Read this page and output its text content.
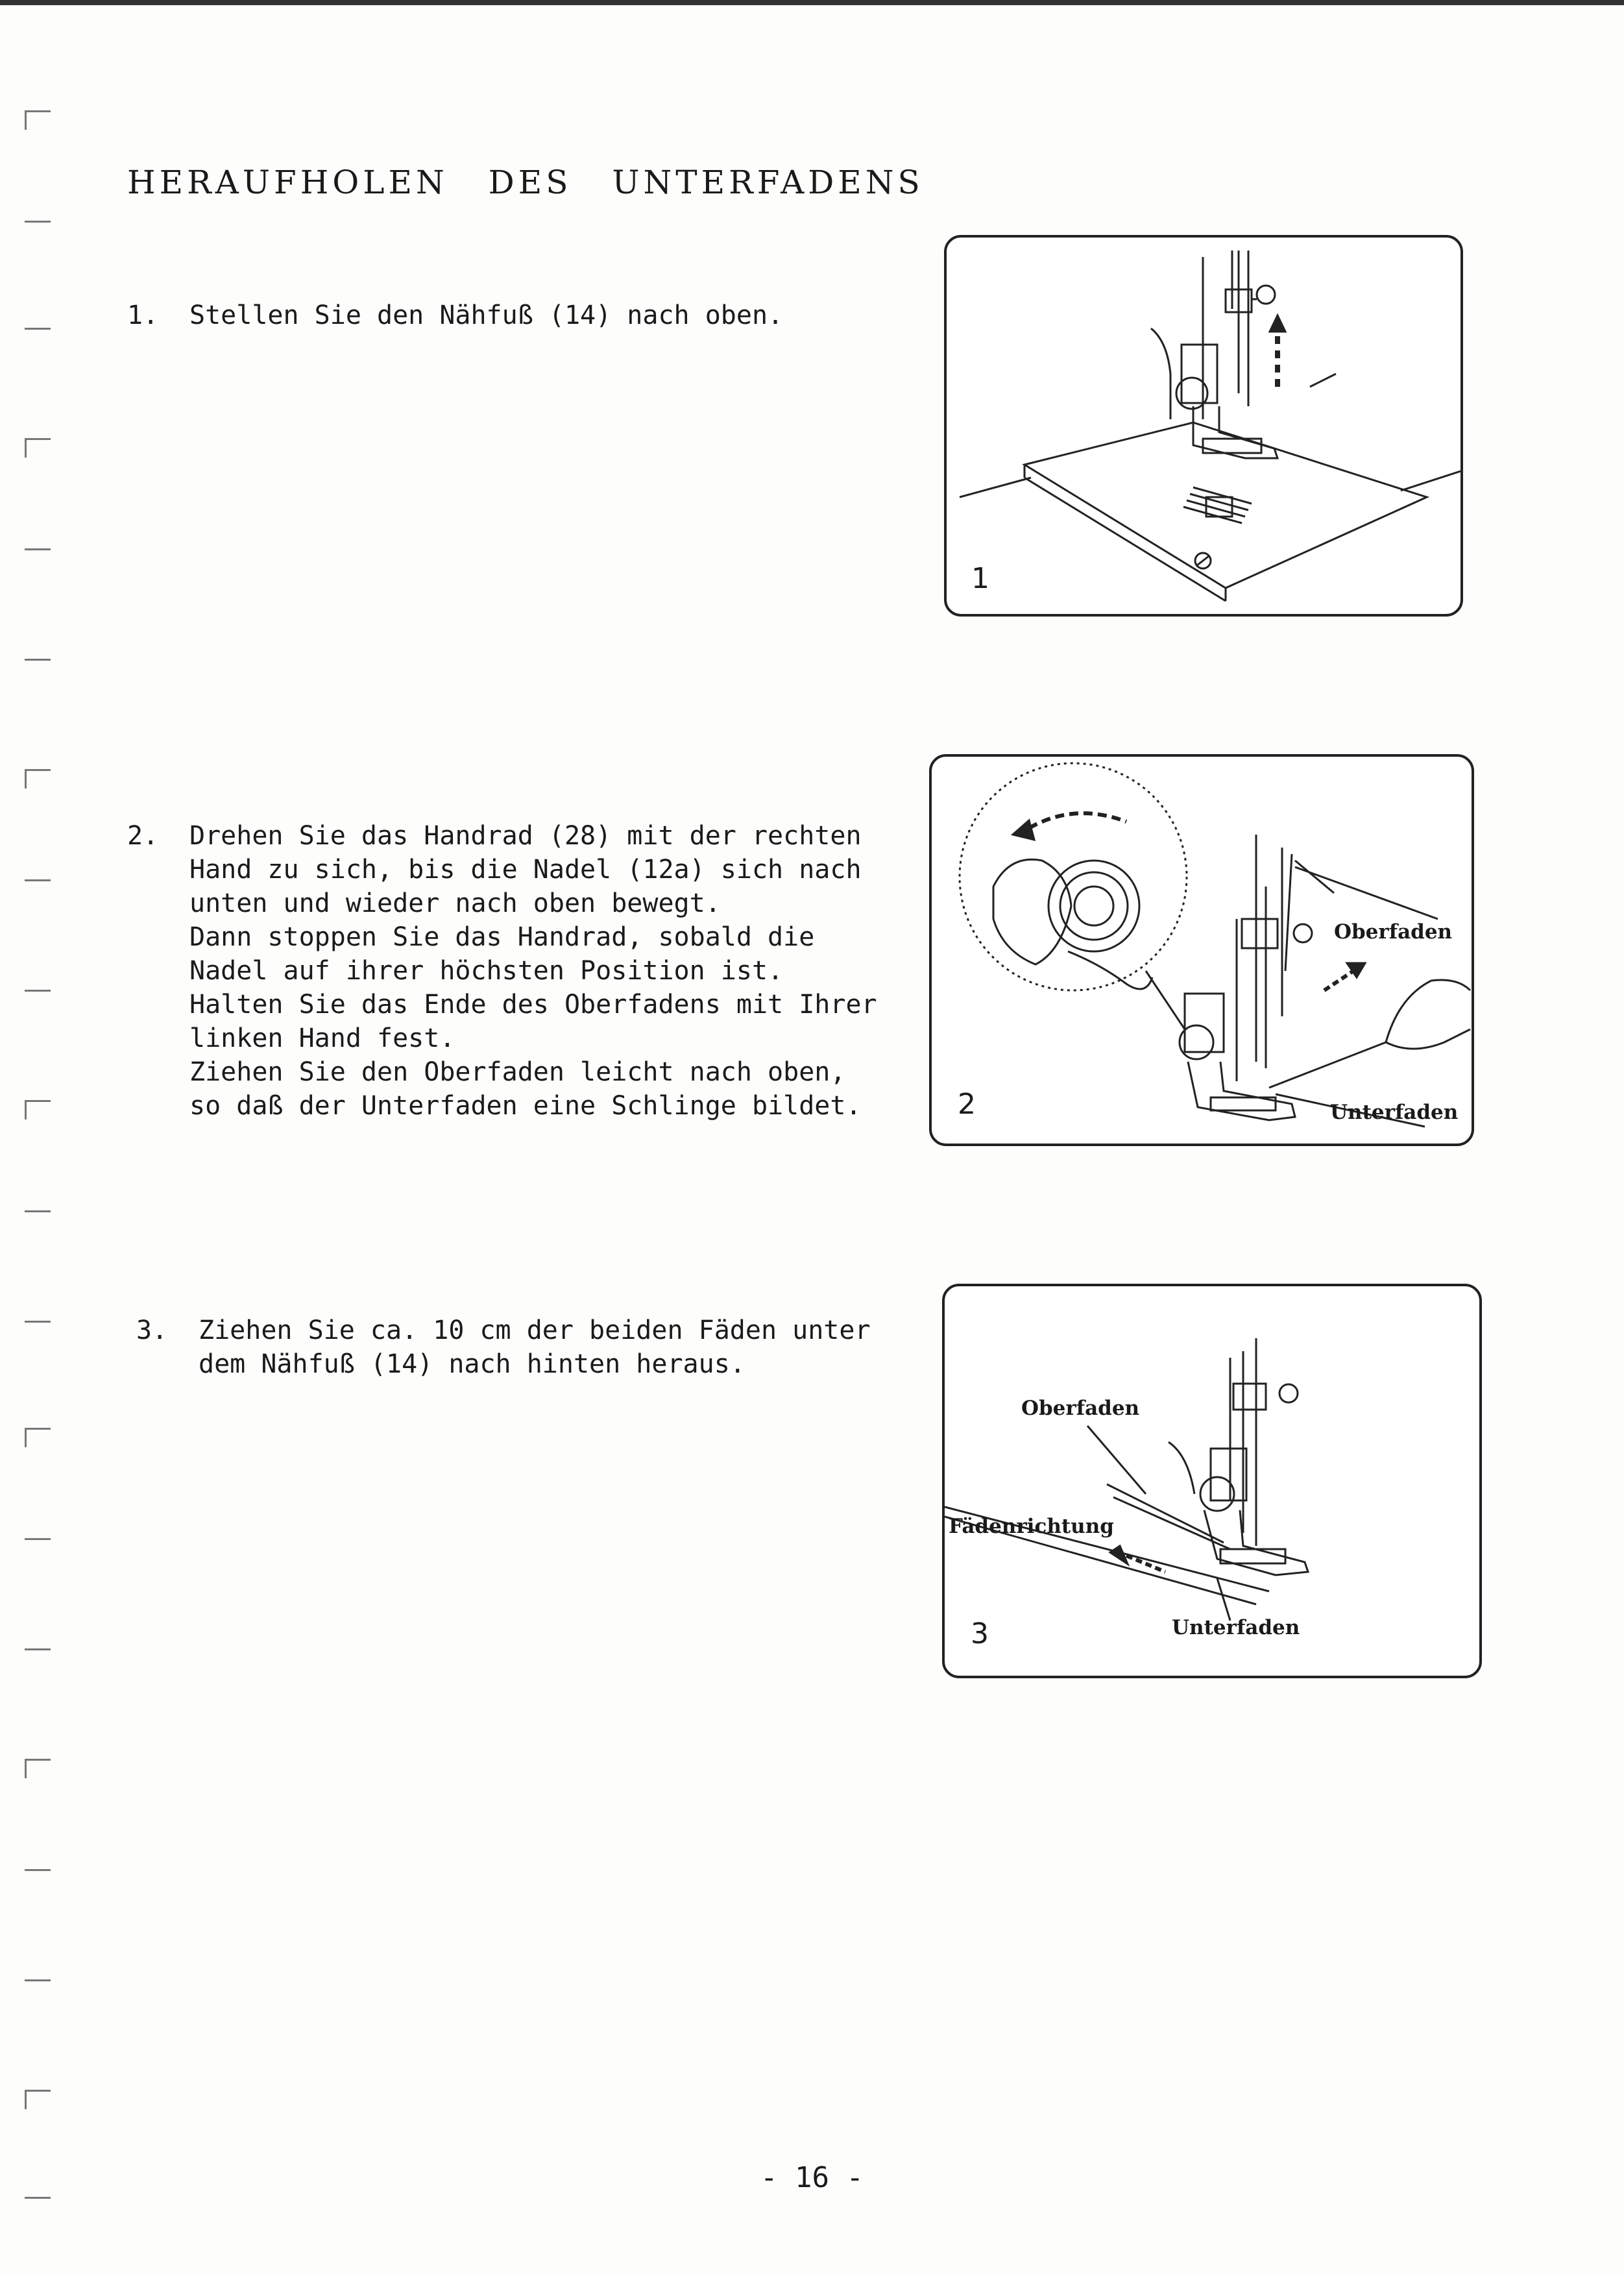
HERAUFHOLEN DES UNTERFADENS
1.	Stellen Sie den Nähfuß (14) nach oben.

1
2.	Drehen Sie das Handrad (28) mit der rechten
Hand zu sich, bis die Nadel (12a) sich nach
unten und wieder nach oben bewegt.
Dann stoppen Sie das Handrad, sobald die
Nadel auf ihrer höchsten Position ist.
Halten Sie das Ende des Oberfadens mit Ihrer
linken Hand fest.
Ziehen Sie den Oberfaden leicht nach oben,
so daß der Unterfaden eine Schlinge bildet.

Oberfaden
Unterfaden
2
3.	Ziehen Sie ca. 10 cm der beiden Fäden unter
dem Nähfuß (14) nach hinten heraus.

Oberfaden
Fädenrichtung
Unterfaden
3
- 16 -
